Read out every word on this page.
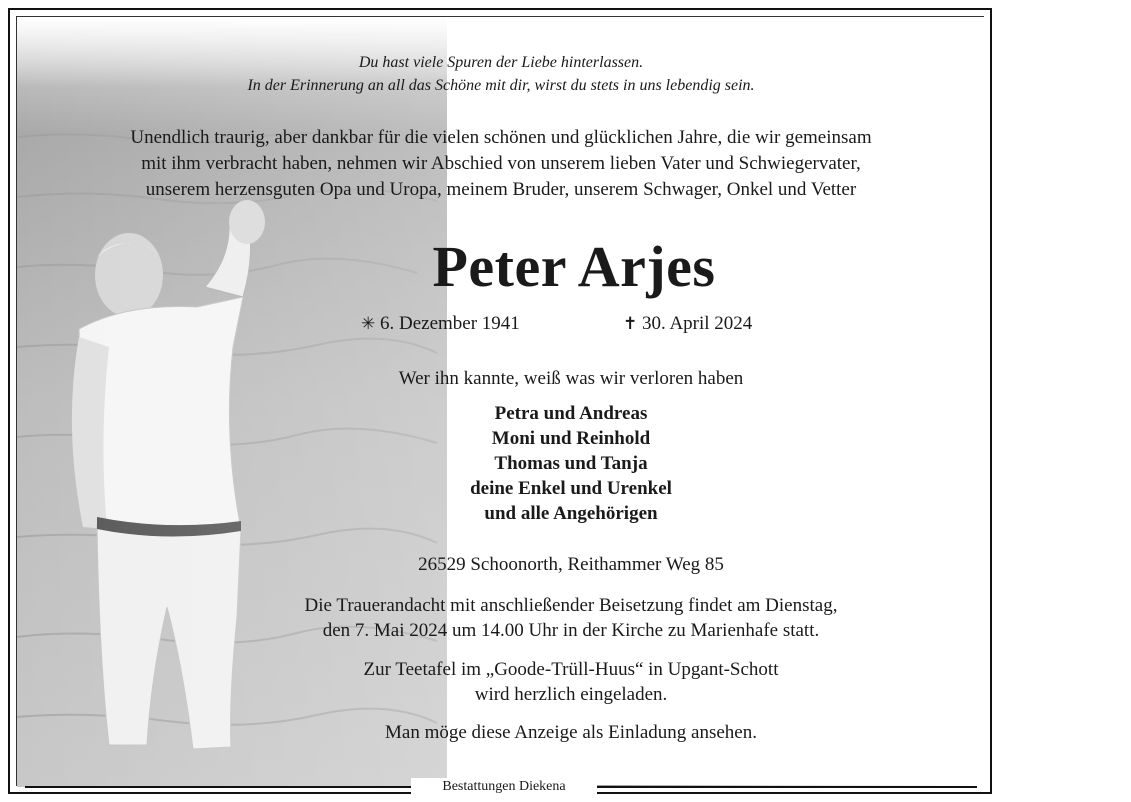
Du hast viele Spuren der Liebe hinterlassen.
In der Erinnerung an all das Schöne mit dir, wirst du stets in uns lebendig sein.
Unendlich traurig, aber dankbar für die vielen schönen und glücklichen Jahre, die wir gemeinsam
mit ihm verbracht haben, nehmen wir Abschied von unserem lieben Vater und Schwiegervater,
unserem herzensguten Opa und Uropa, meinem Bruder, unserem Schwager, Onkel und Vetter
Peter Arjes
✳ 6. Dezember 1941	✝ 30. April 2024
Wer ihn kannte, weiß was wir verloren haben
Petra und Andreas
Moni und Reinhold
Thomas und Tanja
deine Enkel und Urenkel
und alle Angehörigen
26529 Schoonorth, Reithammer Weg 85
Die Trauerandacht mit anschließender Beisetzung findet am Dienstag,
den 7. Mai 2024 um 14.00 Uhr in der Kirche zu Marienhafe statt.
Zur Teetafel im „Goode-Trüll-Huus“ in Upgant-Schott
wird herzlich eingeladen.
Man möge diese Anzeige als Einladung ansehen.
Bestattungen Diekena
